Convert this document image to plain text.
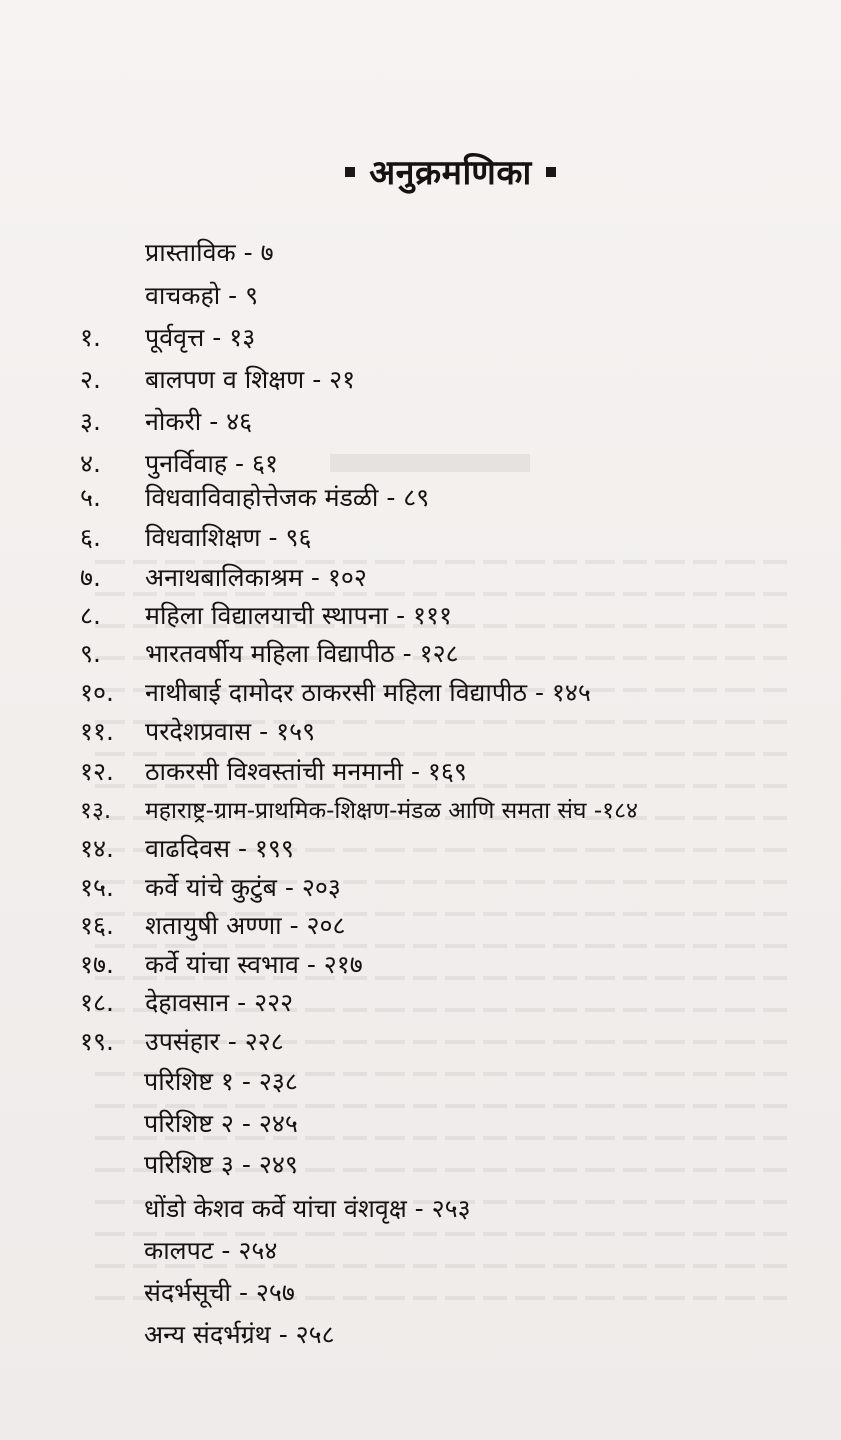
अनुक्रमणिका
प्रास्ताविक - ७
वाचकहो - ९
१.	पूर्ववृत्त - १३
२.	बालपण व शिक्षण - २१
३.	नोकरी - ४६
४.	पुनर्विवाह - ६१
५.	विधवाविवाहोत्तेजक मंडळी - ८९
६.	विधवाशिक्षण - ९६
७.	अनाथबालिकाश्रम - १०२
८.	महिला विद्यालयाची स्थापना - १११
९.	भारतवर्षीय महिला विद्यापीठ - १२८
१०.	नाथीबाई दामोदर ठाकरसी महिला विद्यापीठ - १४५
११.	परदेशप्रवास - १५९
१२.	ठाकरसी विश्वस्तांची मनमानी - १६९
१३.	महाराष्ट्र-ग्राम-प्राथमिक-शिक्षण-मंडळ आणि समता संघ -१८४
१४.	वाढदिवस - १९९
१५.	कर्वे यांचे कुटुंब - २०३
१६.	शतायुषी अण्णा - २०८
१७.	कर्वे यांचा स्वभाव - २१७
१८.	देहावसान - २२२
१९.	उपसंहार - २२८
परिशिष्ट १ - २३८
परिशिष्ट २ - २४५
परिशिष्ट ३ - २४९
धोंडो केशव कर्वे यांचा वंशवृक्ष - २५३
कालपट - २५४
संदर्भसूची - २५७
अन्य संदर्भग्रंथ - २५८
